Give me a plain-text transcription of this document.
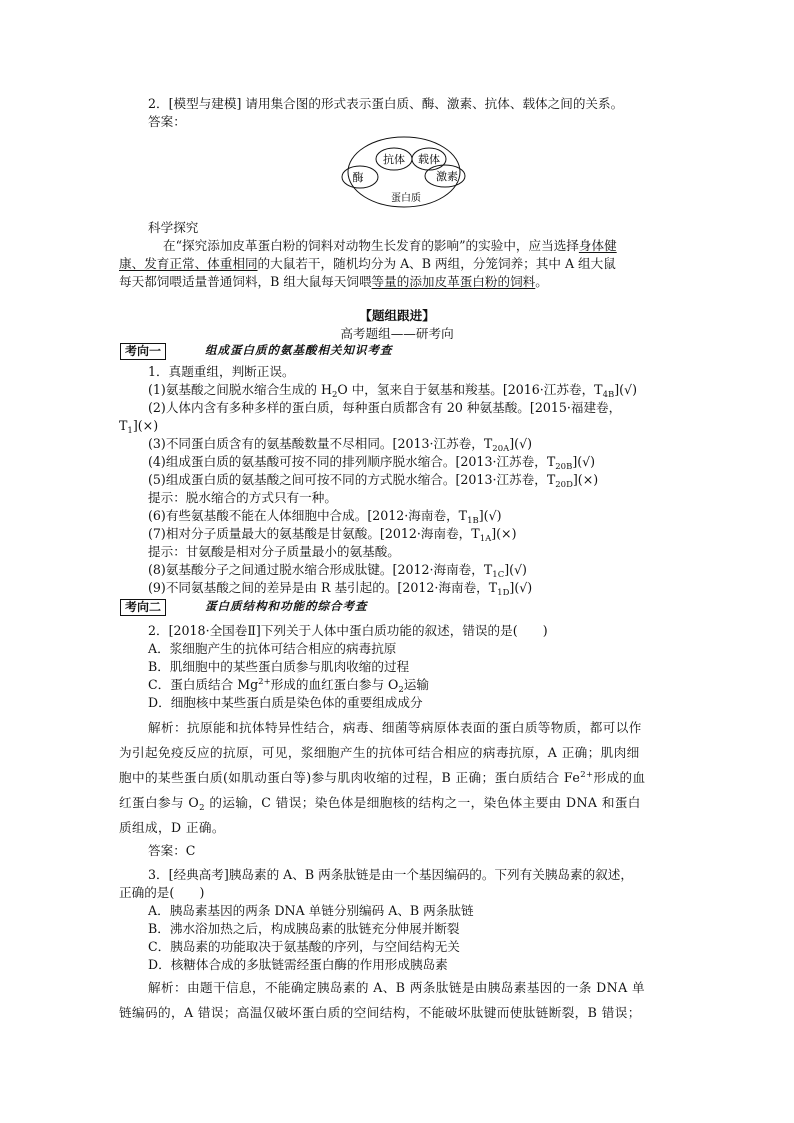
2．[模型与建模] 请用集合图的形式表示蛋白质、酶、激素、抗体、载体之间的关系。
答案：
抗体 载体
酶	激素
蛋白质
科学探究
在“探究添加皮革蛋白粉的饲料对动物生长发育的影响”的实验中，应当选择身体健
康、发育正常、体重相同的大鼠若干，随机均分为 A、B 两组，分笼饲养；其中 A 组大鼠
每天都饲喂适量普通饲料，B 组大鼠每天饲喂等量的添加皮革蛋白粉的饲料。
【题组跟进】
高考题组——研考向
考向一	组成蛋白质的氨基酸相关知识考查
1．真题重组，判断正误。
(1)氨基酸之间脱水缩合生成的 $H_2O$ 中，氢来自于氨基和羧基。[2016·江苏卷，$T_{4B}](√)$
(2)人体内含有多种多样的蛋白质，每种蛋白质都含有 20 种氨基酸。[2015·福建卷，
$T_1](\times)$
(3)不同蛋白质含有的氨基酸数量不尽相同。[2013·江苏卷，$T_{20A}](√)$
(4)组成蛋白质的氨基酸可按不同的排列顺序脱水缩合。[2013·江苏卷，$T_{20B}](√)$
(5)组成蛋白质的氨基酸之间可按不同的方式脱水缩合。[2013·江苏卷，$T_{20D}](\times)$
提示：脱水缩合的方式只有一种。
(6)有些氨基酸不能在人体细胞中合成。[2012·海南卷，$T_{1B}](√)$
(7)相对分子质量最大的氨基酸是甘氨酸。[2012·海南卷，$T_{1A}](\times)$
提示：甘氨酸是相对分子质量最小的氨基酸。
(8)氨基酸分子之间通过脱水缩合形成肽键。[2012·海南卷，$T_{1C}](√)$
(9)不同氨基酸之间的差异是由 R 基引起的。[2012·海南卷，$T_{1D}](√)$
考向二	蛋白质结构和功能的综合考查
2．[2018·全国卷Ⅱ]下列关于人体中蛋白质功能的叙述，错误的是(　　)
A．浆细胞产生的抗体可结合相应的病毒抗原
B．肌细胞中的某些蛋白质参与肌肉收缩的过程
C．蛋白质结合 $Mg^{2+}$形成的血红蛋白参与 $O_2$运输
D．细胞核中某些蛋白质是染色体的重要组成成分
解析：抗原能和抗体特异性结合，病毒、细菌等病原体表面的蛋白质等物质，都可以作
为引起免疫反应的抗原，可见，浆细胞产生的抗体可结合相应的病毒抗原，A 正确；肌肉细
胞中的某些蛋白质(如肌动蛋白等)参与肌肉收缩的过程，B 正确；蛋白质结合 $Fe^{2+}$形成的血
红蛋白参与 $O_2$ 的运输，C 错误；染色体是细胞核的结构之一，染色体主要由 DNA 和蛋白
质组成，D 正确。
答案：C
3．[经典高考]胰岛素的 A、B 两条肽链是由一个基因编码的。下列有关胰岛素的叙述，
正确的是(　　)
A．胰岛素基因的两条 DNA 单链分别编码 A、B 两条肽链
B．沸水浴加热之后，构成胰岛素的肽链充分伸展并断裂
C．胰岛素的功能取决于氨基酸的序列，与空间结构无关
D．核糖体合成的多肽链需经蛋白酶的作用形成胰岛素
解析：由题干信息，不能确定胰岛素的 A、B 两条肽链是由胰岛素基因的一条 DNA 单
链编码的，A 错误；高温仅破坏蛋白质的空间结构，不能破坏肽键而使肽链断裂，B 错误；
